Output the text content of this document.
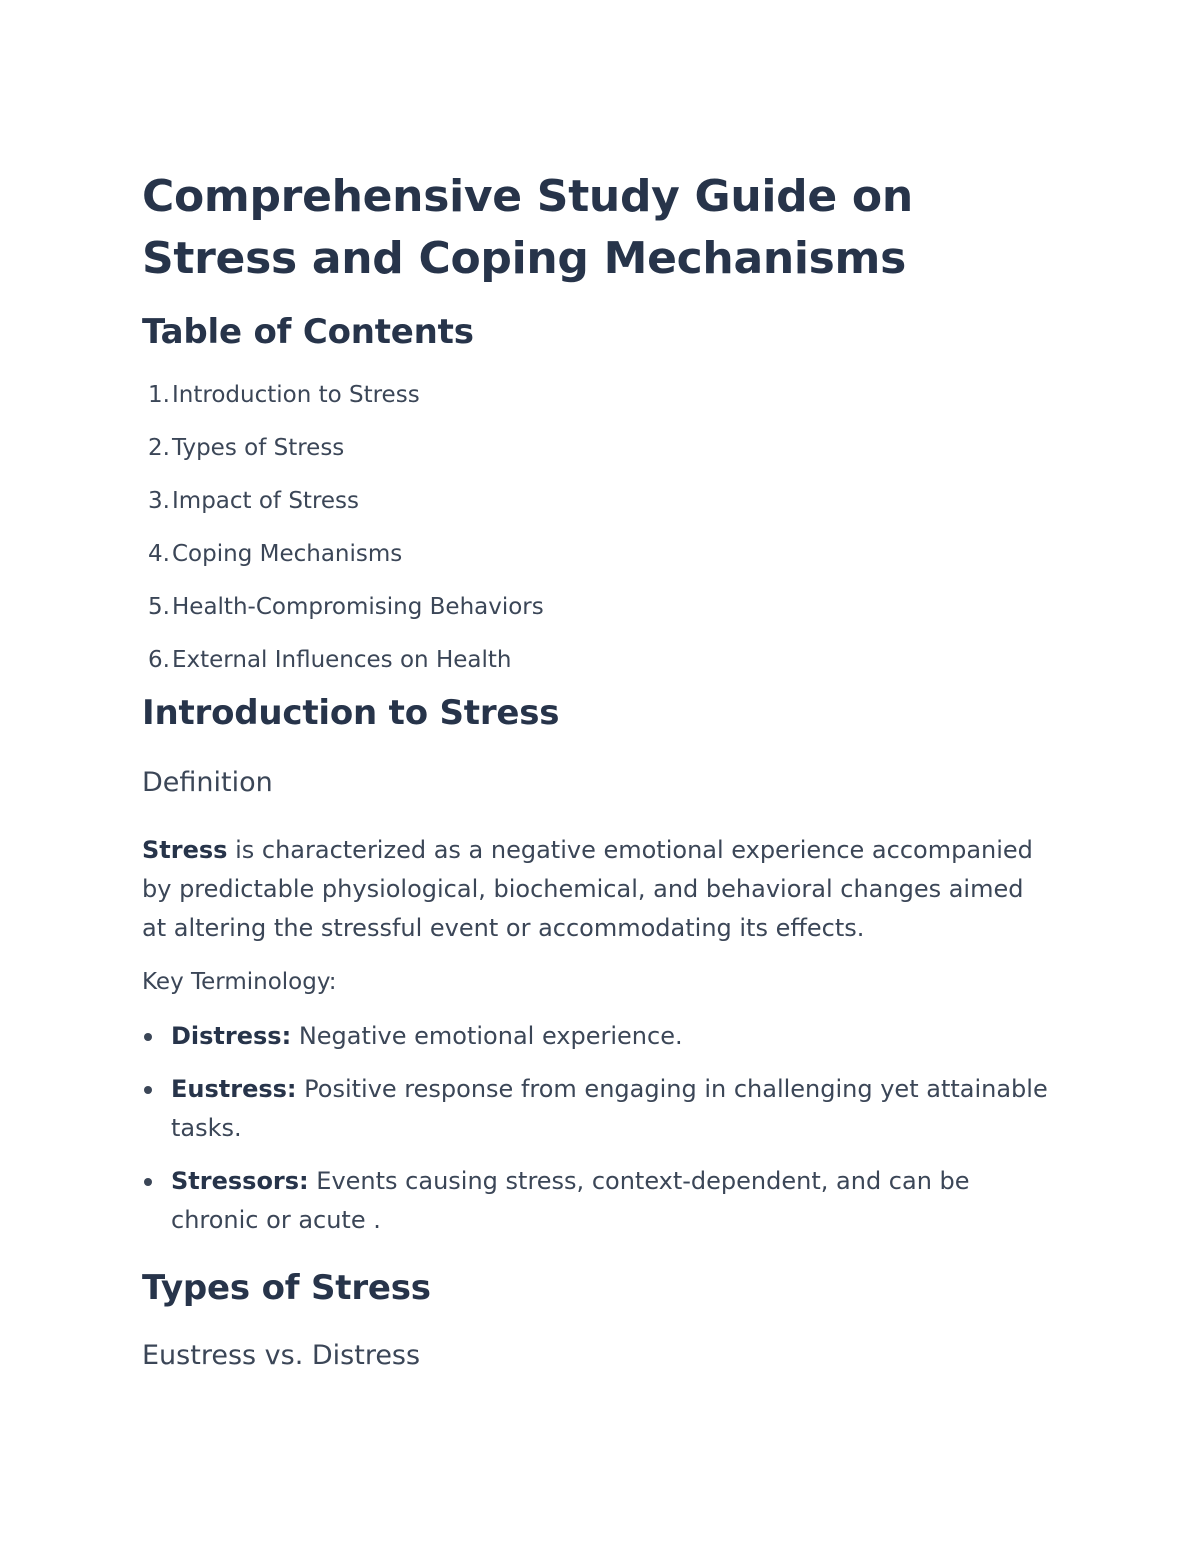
Comprehensive Study Guide on Stress and Coping Mechanisms
Table of Contents
1. Introduction to Stress
2. Types of Stress
3. Impact of Stress
4. Coping Mechanisms
5. Health-Compromising Behaviors
6. External Influences on Health
Introduction to Stress
Definition

Stress is characterized as a negative emotional experience accompanied by predictable physiological, biochemical, and behavioral changes aimed at altering the stressful event or accommodating its effects.

Key Terminology:

Distress: Negative emotional experience.
Eustress: Positive response from engaging in challenging yet attainable tasks.
Stressors: Events causing stress, context-dependent, and can be chronic or acute .
Types of Stress
Eustress vs. Distress
